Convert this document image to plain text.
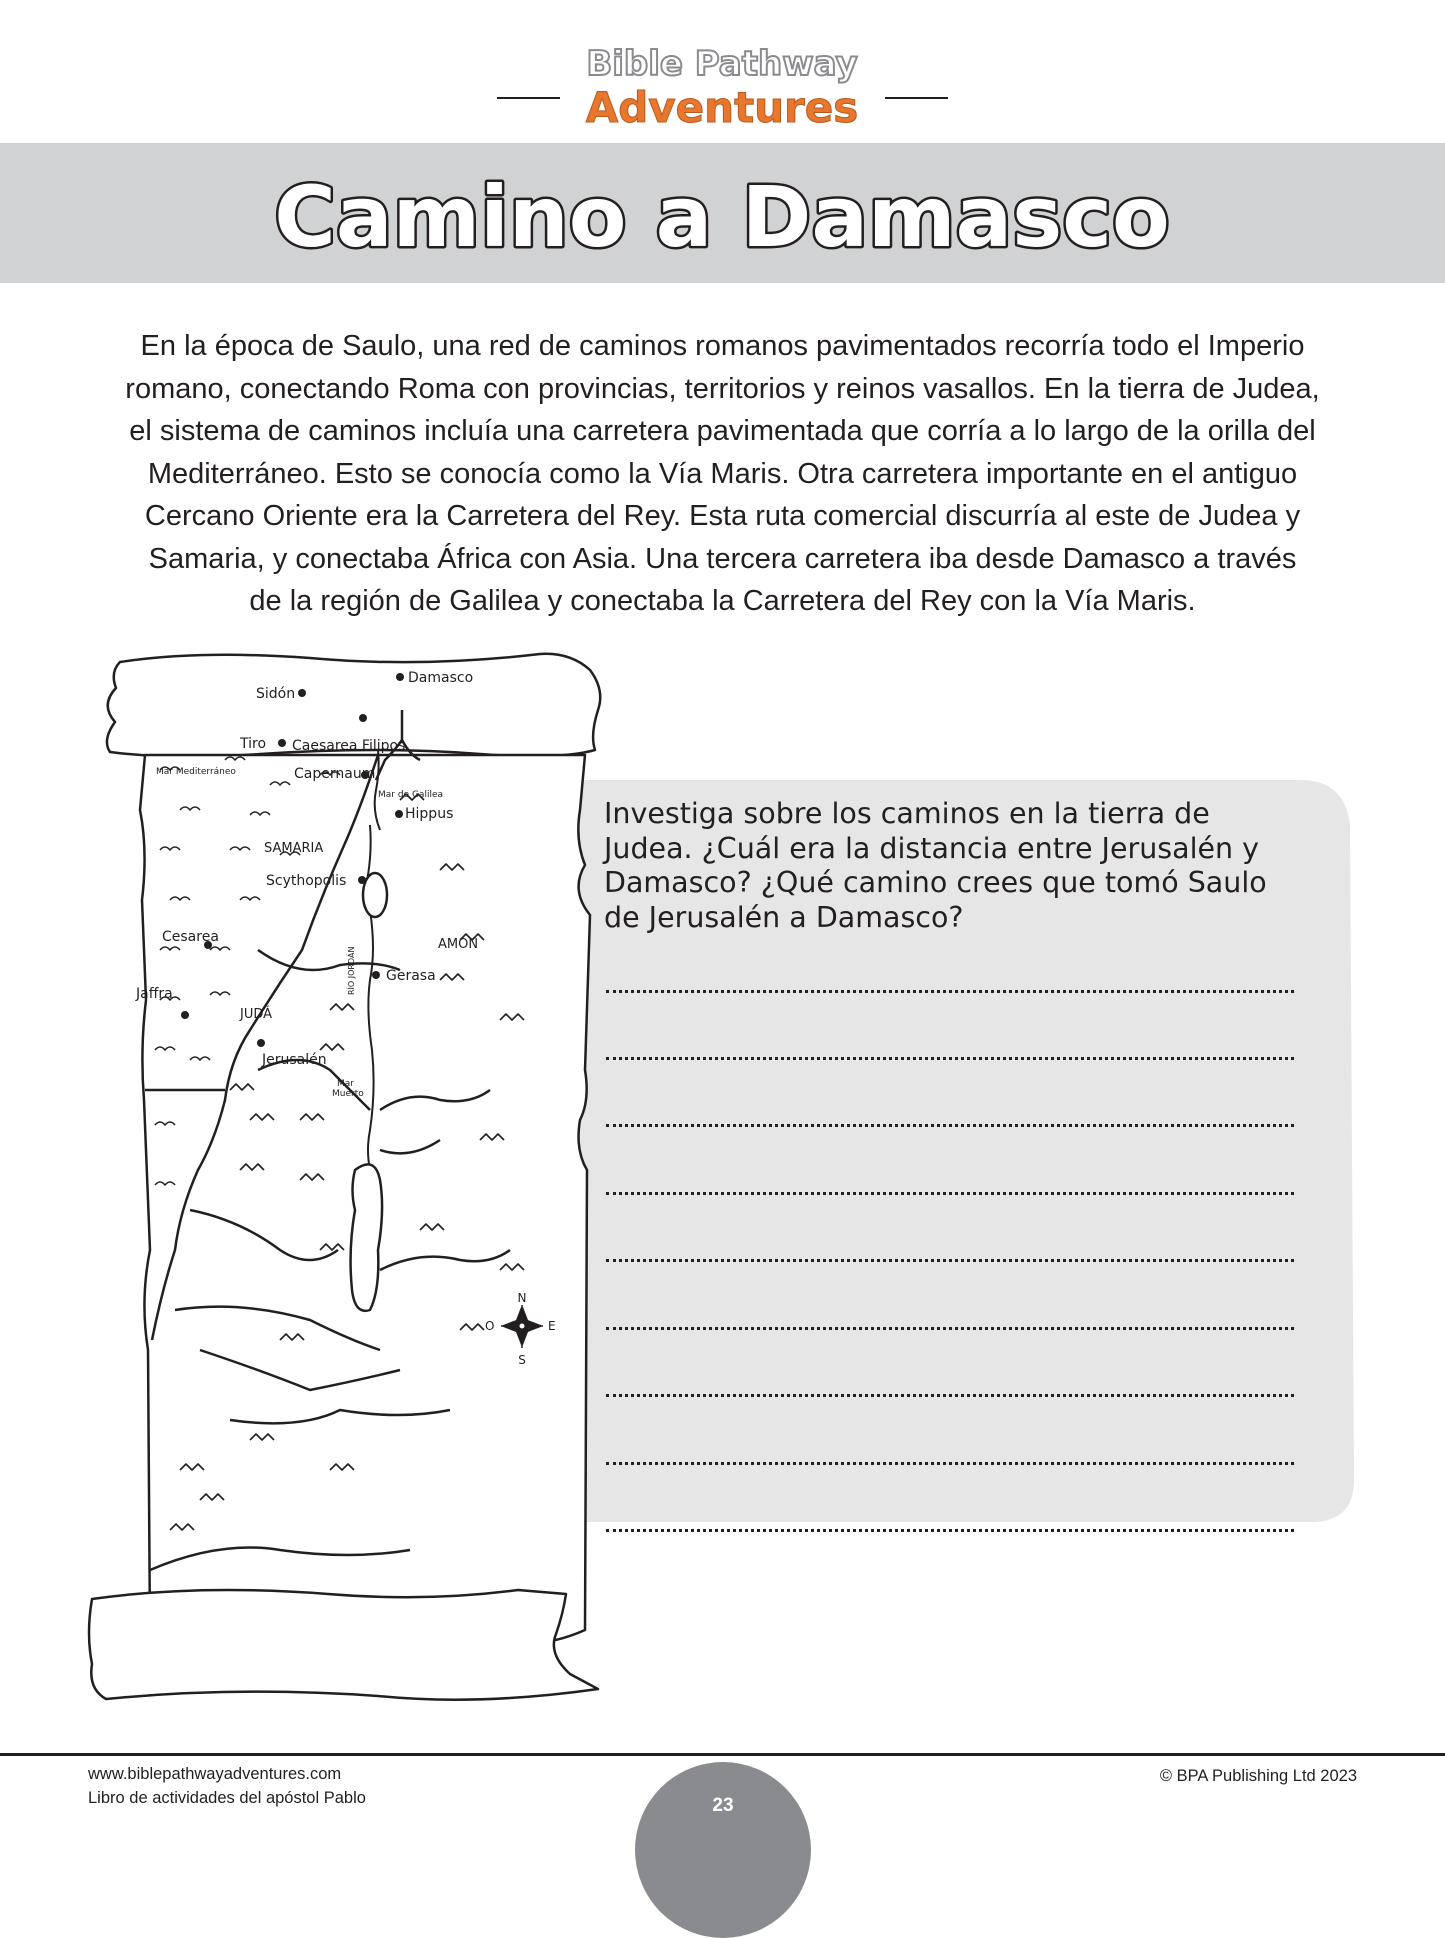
Bible Pathway
Adventures
Camino a Damasco

En la época de Saulo, una red de caminos romanos pavimentados recorría todo el Imperio

romano, conectando Roma con provincias, territorios y reinos vasallos. En la tierra de Judea,

el sistema de caminos incluía una carretera pavimentada que corría a lo largo de la orilla del

Mediterráneo. Esto se conocía como la Vía Maris. Otra carretera importante en el antiguo

Cercano Oriente era la Carretera del Rey. Esta ruta comercial discurría al este de Judea y

Samaria, y conectaba África con Asia. Una tercera carretera iba desde Damasco a través

de la región de Galilea y conectaba la Carretera del Rey con la Vía Maris.

Investiga sobre los caminos en la tierra de

Judea. ¿Cuál era la distancia entre Jerusalén y

Damasco? ¿Qué camino crees que tomó Saulo

de Jerusalén a Damasco?

Damasco
Sidón
Tiro Caesarea Filipos
Mar Mediterráneo	Capernaum
Mar de Galilea
Hippus
SAMARIA
Scythopolis
Cesarea	AMÓN
RÍO JORDÁN Gerasa
Jaffra
JUDÁ
Jerusalén
Mar
Muerto
N
S
E
O
www.biblepathwayadventures.com
Libro de actividades del apóstol Pablo
© BPA Publishing Ltd 2023
23
